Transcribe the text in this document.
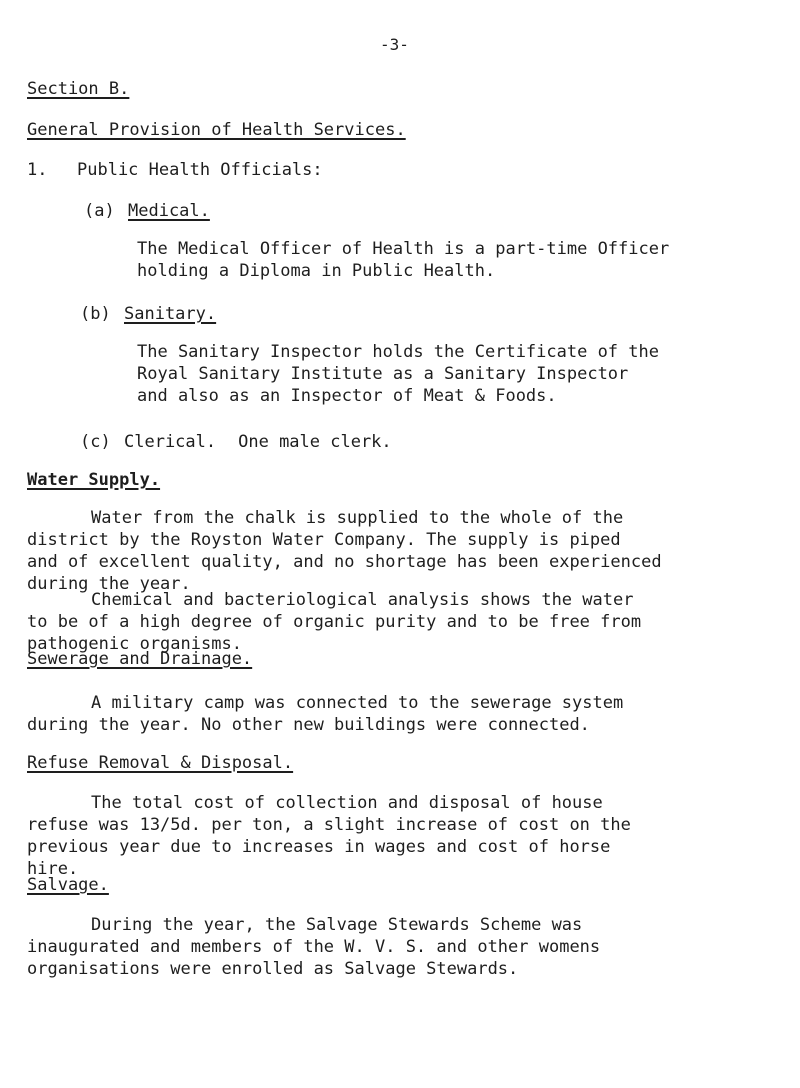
-3-
Section B.
General Provision of Health Services.
1. Public Health Officials:
(a) Medical.
The Medical Officer of Health is a part-time Officer
holding a Diploma in Public Health.
(b) Sanitary.
The Sanitary Inspector holds the Certificate of the
Royal Sanitary Institute as a Sanitary Inspector
and also as an Inspector of Meat & Foods.
(c) Clerical. One male clerk.
Water Supply.
Water from the chalk is supplied to the whole of the
district by the Royston Water Company. The supply is piped
and of excellent quality, and no shortage has been experienced
during the year.
Chemical and bacteriological analysis shows the water
to be of a high degree of organic purity and to be free from
pathogenic organisms.
Sewerage and Drainage.
A military camp was connected to the sewerage system
during the year. No other new buildings were connected.
Refuse Removal & Disposal.
The total cost of collection and disposal of house
refuse was 13/5d. per ton, a slight increase of cost on the
previous year due to increases in wages and cost of horse
hire.
Salvage.
During the year, the Salvage Stewards Scheme was
inaugurated and members of the W. V. S. and other womens
organisations were enrolled as Salvage Stewards.
